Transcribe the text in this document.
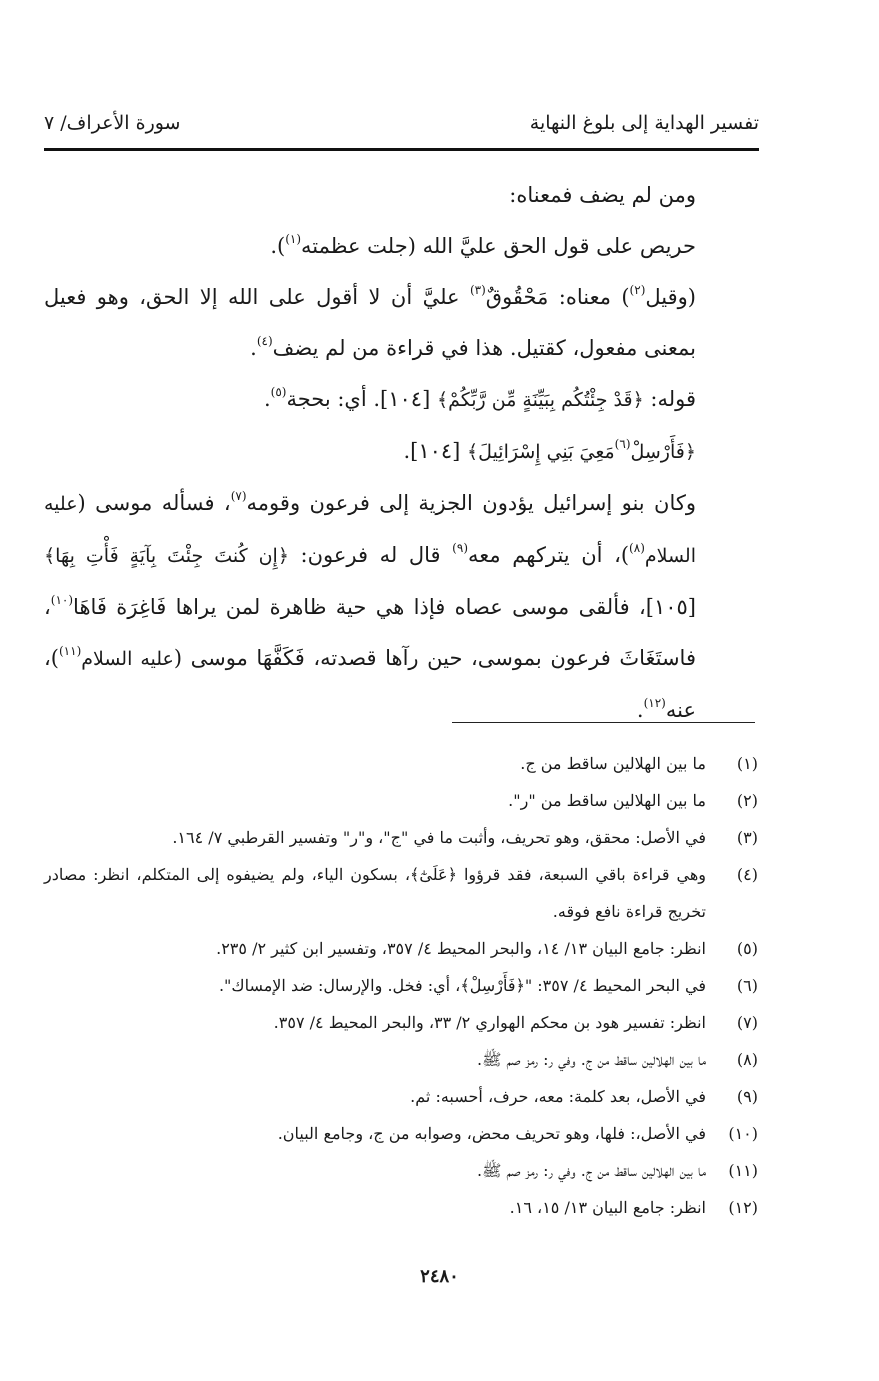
تفسير الهداية إلى بلوغ النهاية
سورة الأعراف/ ٧

ومن لم يضف فمعناه:

حريص على قول الحق عليَّ الله (جلت عظمته$^{(١)}$).

(وقيل$^{(٢)}$) معناه: مَحْقُوقٌ$^{(٣)}$ عليَّ أن لا أقول على الله إلا الحق، وهو فعيل بمعنى مفعول، كقتيل. هذا في قراءة من لم يضف$^{(٤)}$.

قوله: ﴿قَدْ جِئْتُكُم بِبَيِّنَةٍ مِّن رَّبِّكُمْ﴾ [١٠٤]. أي: بحجة$^{(٥)}$.

﴿فَأَرْسِلْ$^{(٦)}$مَعِيَ بَنِي إِسْرَائِيلَ﴾ [١٠٤].

وكان بنو إسرائيل يؤدون الجزية إلى فرعون وقومه$^{(٧)}$، فسأله موسى (عليه السلام$^{(٨)}$)، أن يتركهم معه$^{(٩)}$ قال له فرعون: ﴿إِن كُنتَ جِئْتَ بِآيَةٍ فَأْتِ بِهَا﴾ [١٠٥]، فألقى موسى عصاه فإذا هي حية ظاهرة لمن يراها فَاغِرَة فَاهَا$^{(١٠)}$، فاستَغَاثَ فرعون بموسى، حين رآها قصدته، فَكَفَّهَا موسى (عليه السلام$^{(١١)}$)، عنه$^{(١٢)}$.

(١)
ما بين الهلالين ساقط من ج.
(٢)
ما بين الهلالين ساقط من "ر".
(٣)
في الأصل: محقق، وهو تحريف، وأثبت ما في "ج"، و"ر" وتفسير القرطبي ٧/ ١٦٤.
(٤)
وهي قراءة باقي السبعة، فقد قرؤوا ﴿عَلَىٰٓ﴾، بسكون الياء، ولم يضيفوه إلى المتكلم، انظر: مصادر تخريج قراءة نافع فوقه.
(٥)
انظر: جامع البيان ١٣/ ١٤، والبحر المحيط ٤/ ٣٥٧، وتفسير ابن كثير ٢/ ٢٣٥.
(٦)
في البحر المحيط ٤/ ٣٥٧: "﴿فَأَرْسِلْ﴾، أي: فخل. والإرسال: ضد الإمساك".
(٧)
انظر: تفسير هود بن محكم الهواري ٢/ ٣٣، والبحر المحيط ٤/ ٣٥٧.
(٨)
ما بين الهلالين ساقط من ج. وفي ر: رمز صم ﷺ.
(٩)
في الأصل، بعد كلمة: معه، حرف، أحسبه: ثم.
(١٠)
في الأصل،: فلها، وهو تحريف محض، وصوابه من ج، وجامع البيان.
(١١)
ما بين الهلالين ساقط من ج. وفي ر: رمز صم ﷺ.
(١٢)
انظر: جامع البيان ١٣/ ١٥، ١٦.
٢٤٨٠
